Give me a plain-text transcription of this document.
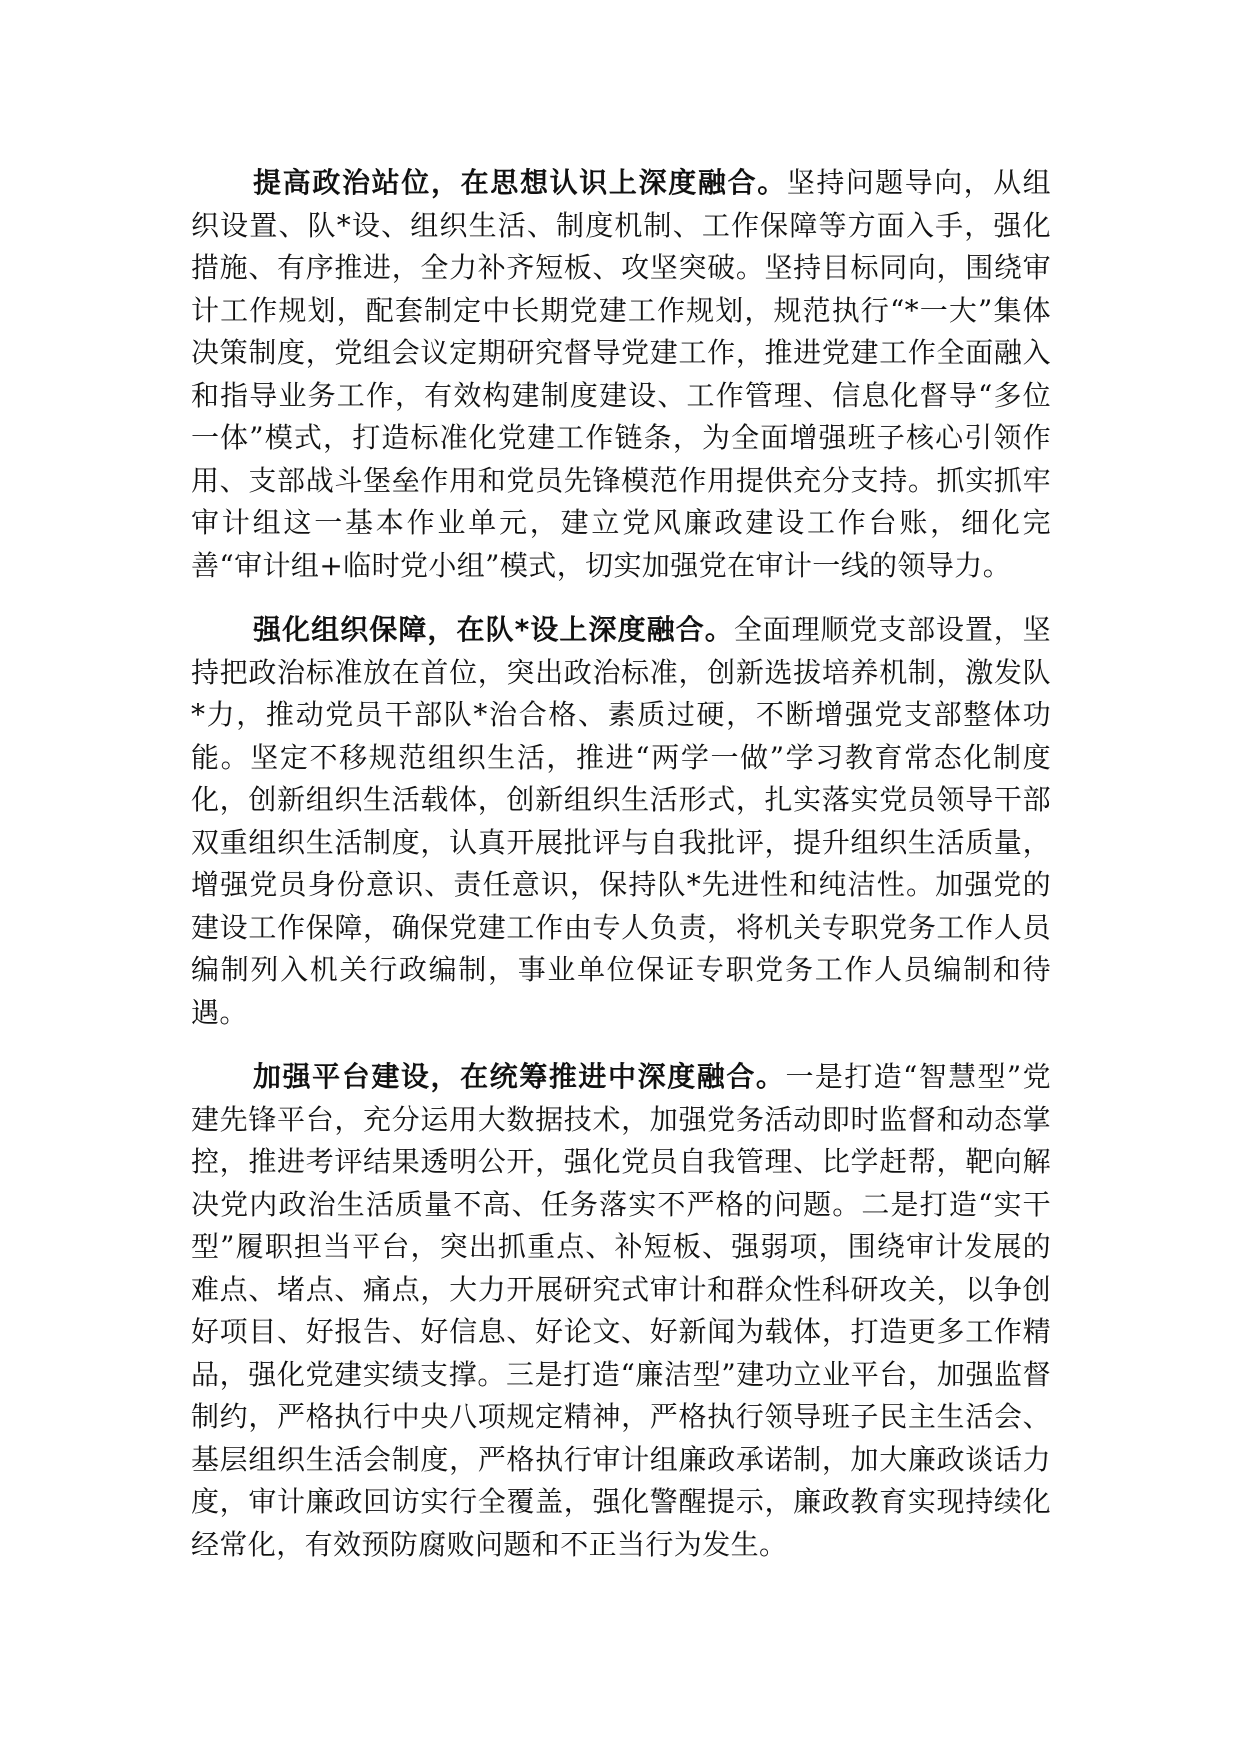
提高政治站位，在思想认识上深度融合。坚持问题导向，从组织设置、队*设、组织生活、制度机制、工作保障等方面入手，强化措施、有序推进，全力补齐短板、攻坚突破。坚持目标同向，围绕审计工作规划，配套制定中长期党建工作规划，规范执行“*一大”集体决策制度，党组会议定期研究督导党建工作，推进党建工作全面融入和指导业务工作，有效构建制度建设、工作管理、信息化督导“多位一体”模式，打造标准化党建工作链条，为全面增强班子核心引领作用、支部战斗堡垒作用和党员先锋模范作用提供充分支持。抓实抓牢审计组这一基本作业单元，建立党风廉政建设工作台账，细化完善“审计组+临时党小组”模式，切实加强党在审计一线的领导力。

强化组织保障，在队*设上深度融合。全面理顺党支部设置，坚持把政治标准放在首位，突出政治标准，创新选拔培养机制，激发队*力，推动党员干部队*治合格、素质过硬，不断增强党支部整体功能。坚定不移规范组织生活，推进“两学一做”学习教育常态化制度化，创新组织生活载体，创新组织生活形式，扎实落实党员领导干部双重组织生活制度，认真开展批评与自我批评，提升组织生活质量，增强党员身份意识、责任意识，保持队*先进性和纯洁性。加强党的建设工作保障，确保党建工作由专人负责，将机关专职党务工作人员编制列入机关行政编制，事业单位保证专职党务工作人员编制和待遇。

加强平台建设，在统筹推进中深度融合。一是打造“智慧型”党建先锋平台，充分运用大数据技术，加强党务活动即时监督和动态掌控，推进考评结果透明公开，强化党员自我管理、比学赶帮，靶向解决党内政治生活质量不高、任务落实不严格的问题。二是打造“实干型”履职担当平台，突出抓重点、补短板、强弱项，围绕审计发展的难点、堵点、痛点，大力开展研究式审计和群众性科研攻关，以争创好项目、好报告、好信息、好论文、好新闻为载体，打造更多工作精品，强化党建实绩支撑。三是打造“廉洁型”建功立业平台，加强监督制约，严格执行中央八项规定精神，严格执行领导班子民主生活会、基层组织生活会制度，严格执行审计组廉政承诺制，加大廉政谈话力度，审计廉政回访实行全覆盖，强化警醒提示，廉政教育实现持续化经常化，有效预防腐败问题和不正当行为发生。
